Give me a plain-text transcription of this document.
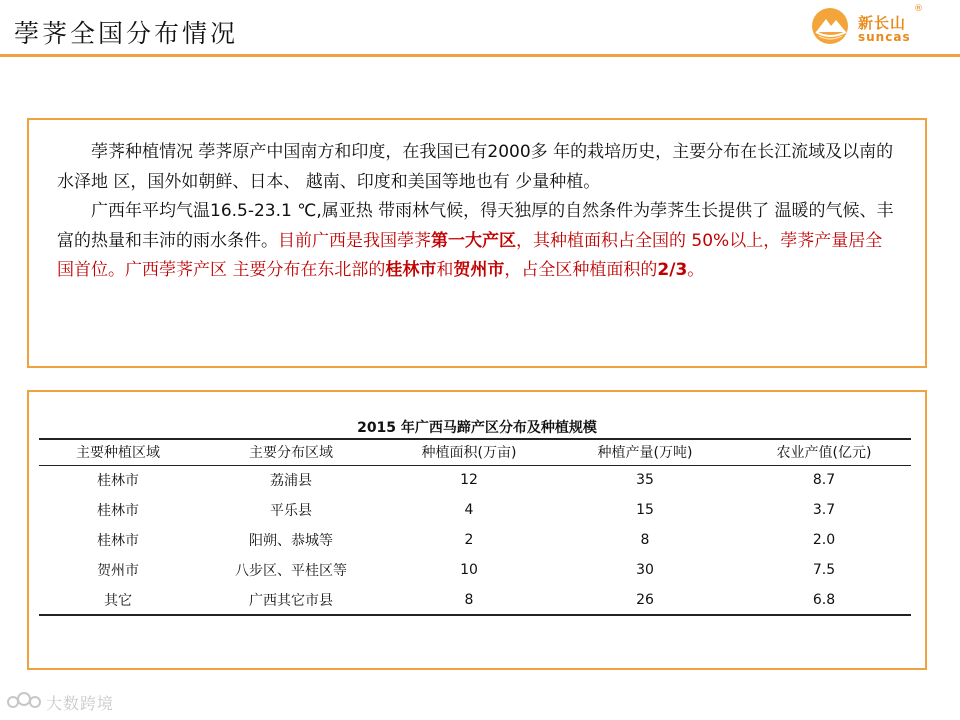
荸荠全国分布情况	新长山
suncas
®

荸荠种植情况 荸荠原产中国南方和印度，在我国已有2000多 年的栽培历史，主要分布在长江流域及以南的水泽地 区，国外如朝鲜、日本、 越南、印度和美国等地也有 少量种植。

广西年平均气温16.5-23.1 ℃,属亚热 带雨林气候，得天独厚的自然条件为荸荠生长提供了 温暖的气候、丰富的热量和丰沛的雨水条件。目前广西是我国荸荠第一大产区，其种植面积占全国的 50%以上，荸荠产量居全国首位。广西荸荠产区 主要分布在东北部的桂林市和贺州市，占全区种植面积的2/3。

2015 年广西马蹄产区分布及种植规模
主要种植区域	主要分布区域	种植面积(万亩)	种植产量(万吨)	农业产值(亿元)
桂林市	荔浦县	12	35	8.7
桂林市	平乐县	4	15	3.7
桂林市	阳朔、恭城等	2	8	2.0
贺州市	八步区、平桂区等	10	30	7.5
其它	广西其它市县	8	26	6.8
大数跨境
